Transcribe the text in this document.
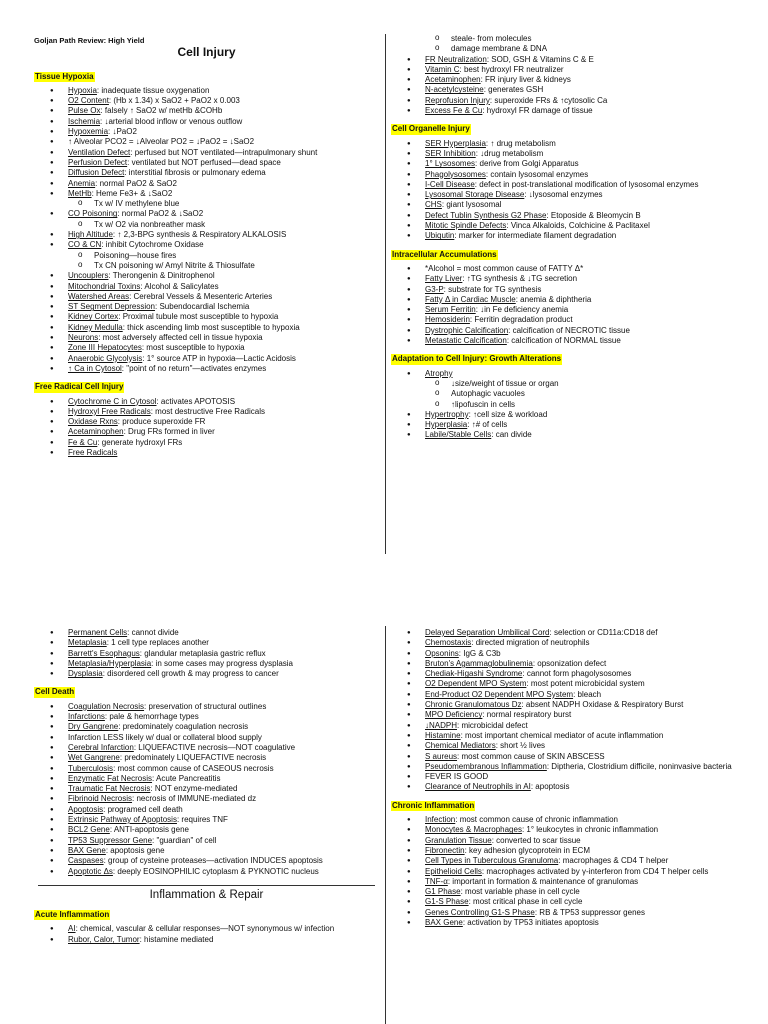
Goljan Path Review: High Yield
Cell Injury
Tissue Hypoxia
● Hypoxia: inadequate tissue oxygenation
● O2 Content: (Hb x 1.34) x SaO2 + PaO2 x 0.003
● Pulse Ox: falsely ↑ SaO2 w/ metHb &COHb
● Ischemia: ↓arterial blood inflow or venous outflow
● Hypoxemia: ↓PaO2
● ↑ Alveolar PCO2 = ↓Alveolar PO2 = ↓PaO2 = ↓SaO2
● Ventilation Defect: perfused but NOT ventilated—intrapulmonary shunt
● Perfusion Defect: ventilated but NOT perfused—dead space
● Diffusion Defect: interstitial fibrosis or pulmonary edema
● Anemia: normal PaO2 & SaO2
● MetHb: Heme Fe3+ & ↓SaO2
o Tx w/ IV methylene blue
● CO Poisoning: normal PaO2 & ↓SaO2
o Tx w/ O2 via nonbreather mask
● High Altitude: ↑ 2,3-BPG synthesis & Respiratory ALKALOSIS
● CO & CN: inhibit Cytochrome Oxidase
o Poisoning—house fires
o Tx CN poisoning w/ Amyl Nitrite & Thiosulfate
● Uncouplers: Therongenin & Dinitrophenol
● Mitochondrial Toxins: Alcohol & Salicylates
● Watershed Areas: Cerebral Vessels & Mesenteric Arteries
● ST Segment Depression: Subendocardial Ischemia
● Kidney Cortex: Proximal tubule most susceptible to hypoxia
● Kidney Medulla: thick ascending limb most susceptible to hypoxia
● Neurons: most adversely affected cell in tissue hypoxia
● Zone III Hepatocytes: most susceptible to hypoxia
● Anaerobic Glycolysis: 1° source ATP in hypoxia—Lactic Acidosis
● ↑ Ca in Cytosol: "point of no return"—activates enzymes
Free Radical Cell Injury
● Cytochrome C in Cytosol: activates APOTOSIS
● Hydroxyl Free Radicals: most destructive Free Radicals
● Oxidase Rxns: produce superoxide FR
● Acetaminophen: Drug FRs formed in liver
● Fe & Cu: generate hydroxyl FRs
● Free Radicals
o steale- from molecules
o damage membrane & DNA
● FR Neutralization: SOD, GSH & Vitamins C & E
● Vitamin C: best hydroxyl FR neutralizer
● Acetaminophen: FR injury liver & kidneys
● N-acetylcysteine: generates GSH
● Reprofusion Injury: superoxide FRs & ↑cytosolic Ca
● Excess Fe & Cu: hydroxyl FR damage of tissue
Cell Organelle Injury
● SER Hyperplasia: ↑ drug metabolism
● SER Inhibition: ↓drug metabolism
● 1° Lysosomes: derive from Golgi Apparatus
● Phagolysosomes: contain lysosomal enzymes
● I-Cell Disease: defect in post-translational modification of lysosomal enzymes
● Lysosomal Storage Disease: ↓lysosomal enzymes
● CHS: giant lysosomal
● Defect Tublin Synthesis G2 Phase: Etoposide & Bleomycin B
● Mitotic Spindle Defects: Vinca Alkaloids, Colchicine & Paclitaxel
● Ubiqutin: marker for intermediate filament degradation
Intracellular Accumulations
● *Alcohol = most common cause of FATTY Δ*
● Fatty Liver: ↑TG synthesis & ↓TG secretion
● G3-P: substrate for TG synthesis
● Fatty Δ in Cardiac Muscle: anemia & diphtheria
● Serum Ferritin: ↓in Fe deficiency anemia
● Hemosiderin: Ferritin degradation product
● Dystrophic Calcification: calcification of NECROTIC tissue
● Metastatic Calcification: calcification of NORMAL tissue
Adaptation to Cell Injury: Growth Alterations
● Atrophy
o ↓size/weight of tissue or organ
o Autophagic vacuoles
o ↑lipofuscin in cells
● Hypertrophy: ↑cell size & workload
● Hyperplasia: ↑# of cells
● Labile/Stable Cells: can divide
● Permanent Cells: cannot divide
● Metaplasia: 1 cell type replaces another
● Barrett's Esophagus: glandular metaplasia gastric reflux
● Metaplasia/Hyperplasia: in some cases may progress dysplasia
● Dysplasia: disordered cell growth & may progress to cancer
Cell Death
● Coagulation Necrosis: preservation of structural outlines
● Infarctions: pale & hemorrhage types
● Dry Gangrene: predominately coagulation necrosis
● Infarction LESS likely w/ dual or collateral blood supply
● Cerebral Infarction: LIQUEFACTIVE necrosis—NOT coagulative
● Wet Gangrene: predominately LIQUEFACTIVE necrosis
● Tuberculosis: most common cause of CASEOUS necrosis
● Enzymatic Fat Necrosis: Acute Pancreatitis
● Traumatic Fat Necrosis: NOT enzyme-mediated
● Fibrinoid Necrosis: necrosis of IMMUNE-mediated dz
● Apoptosis: programed cell death
● Extrinsic Pathway of Apoptosis: requires TNF
● BCL2 Gene: ANTI-apoptosis gene
● TP53 Suppressor Gene: "guardian" of cell
● BAX Gene: apoptosis gene
● Caspases: group of cysteine proteases—activation INDUCES apoptosis
● Apoptotic Δs: deeply EOSINOPHILIC cytoplasm & PYKNOTIC nucleus
Inflammation & Repair
Acute Inflammation
● AI: chemical, vascular & cellular responses—NOT synonymous w/ infection
● Rubor, Calor, Tumor: histamine mediated
● Delayed Separation Umbilical Cord: selection or CD11a:CD18 def
● Chemostaxis: directed migration of neutrophils
● Opsonins: IgG & C3b
● Bruton's Agammaglobulinemia: opsonization defect
● Chediak-Higashi Syndrome: cannot form phagolysosomes
● O2 Dependent MPO System: most potent microbicidal system
● End-Product O2 Dependent MPO System: bleach
● Chronic Granulomatous Dz: absent NADPH Oxidase & Respiratory Burst
● MPO Deficiency: normal respiratory burst
● ↓NADPH: microbicidal defect
● Histamine: most important chemical mediator of acute inflammation
● Chemical Mediators: short ½ lives
● S aureus: most common cause of SKIN ABSCESS
● Pseudomembranous Inflammation: Diptheria, Clostridium difficile, noninvasive bacteria
● FEVER IS GOOD
● Clearance of Neutrophils in AI: apoptosis
Chronic Inflammation
● Infection: most common cause of chronic inflammation
● Monocytes & Macrophages: 1° leukocytes in chronic inflammation
● Granulation Tissue: converted to scar tissue
● Fibronectin: key adhesion glycoprotein in ECM
● Cell Types in Tuberculous Granuloma: macrophages & CD4 T helper
● Epithelioid Cells: macrophages activated by γ-interferon from CD4 T helper cells
● TNF-α: important in formation & maintenance of granulomas
● G1 Phase: most variable phase in cell cycle
● G1-S Phase: most critical phase in cell cycle
● Genes Controlling G1-S Phase: RB & TP53 suppressor genes
● BAX Gene: activation by TP53 initiates apoptosis
